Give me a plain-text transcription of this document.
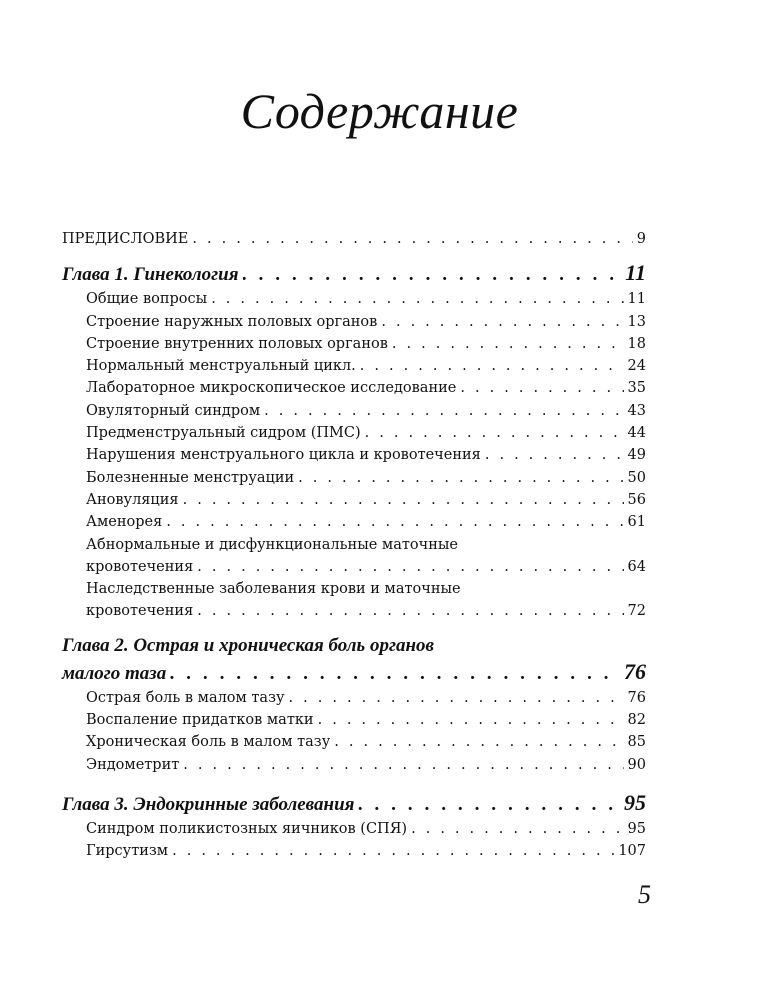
Содержание
ПРЕДИСЛОВИЕ . . .	9
Глава 1. Гинекология . . .	11
Общие вопросы . . .	11
Строение наружных половых органов . . .	13
Строение внутренних половых органов . . .	18
Нормальный менструальный цикл. . . .	24
Лабораторное микроскопическое исследование . . .	35
Овуляторный синдром . . .	43
Предменструальный сидром (ПМС) . . .	44
Нарушения менструального цикла и кровотечения . . .	49
Болезненные менструации . . .	50
Ановуляция . . .	56
Аменорея . . .	61
Абнормальные и дисфункциональные маточные
кровотечения . . .	64
Наследственные заболевания крови и маточные
кровотечения . . .	72
Глава 2. Острая и хроническая боль органов
малого таза . . .	76
Острая боль в малом тазу . . .	76
Воспаление придатков матки . . .	82
Хроническая боль в малом тазу . . .	85
Эндометрит . . .	90
Глава 3. Эндокринные заболевания . . .	95
Синдром поликистозных яичников (СПЯ) . . .	95
Гирсутизм . . .	107
5
